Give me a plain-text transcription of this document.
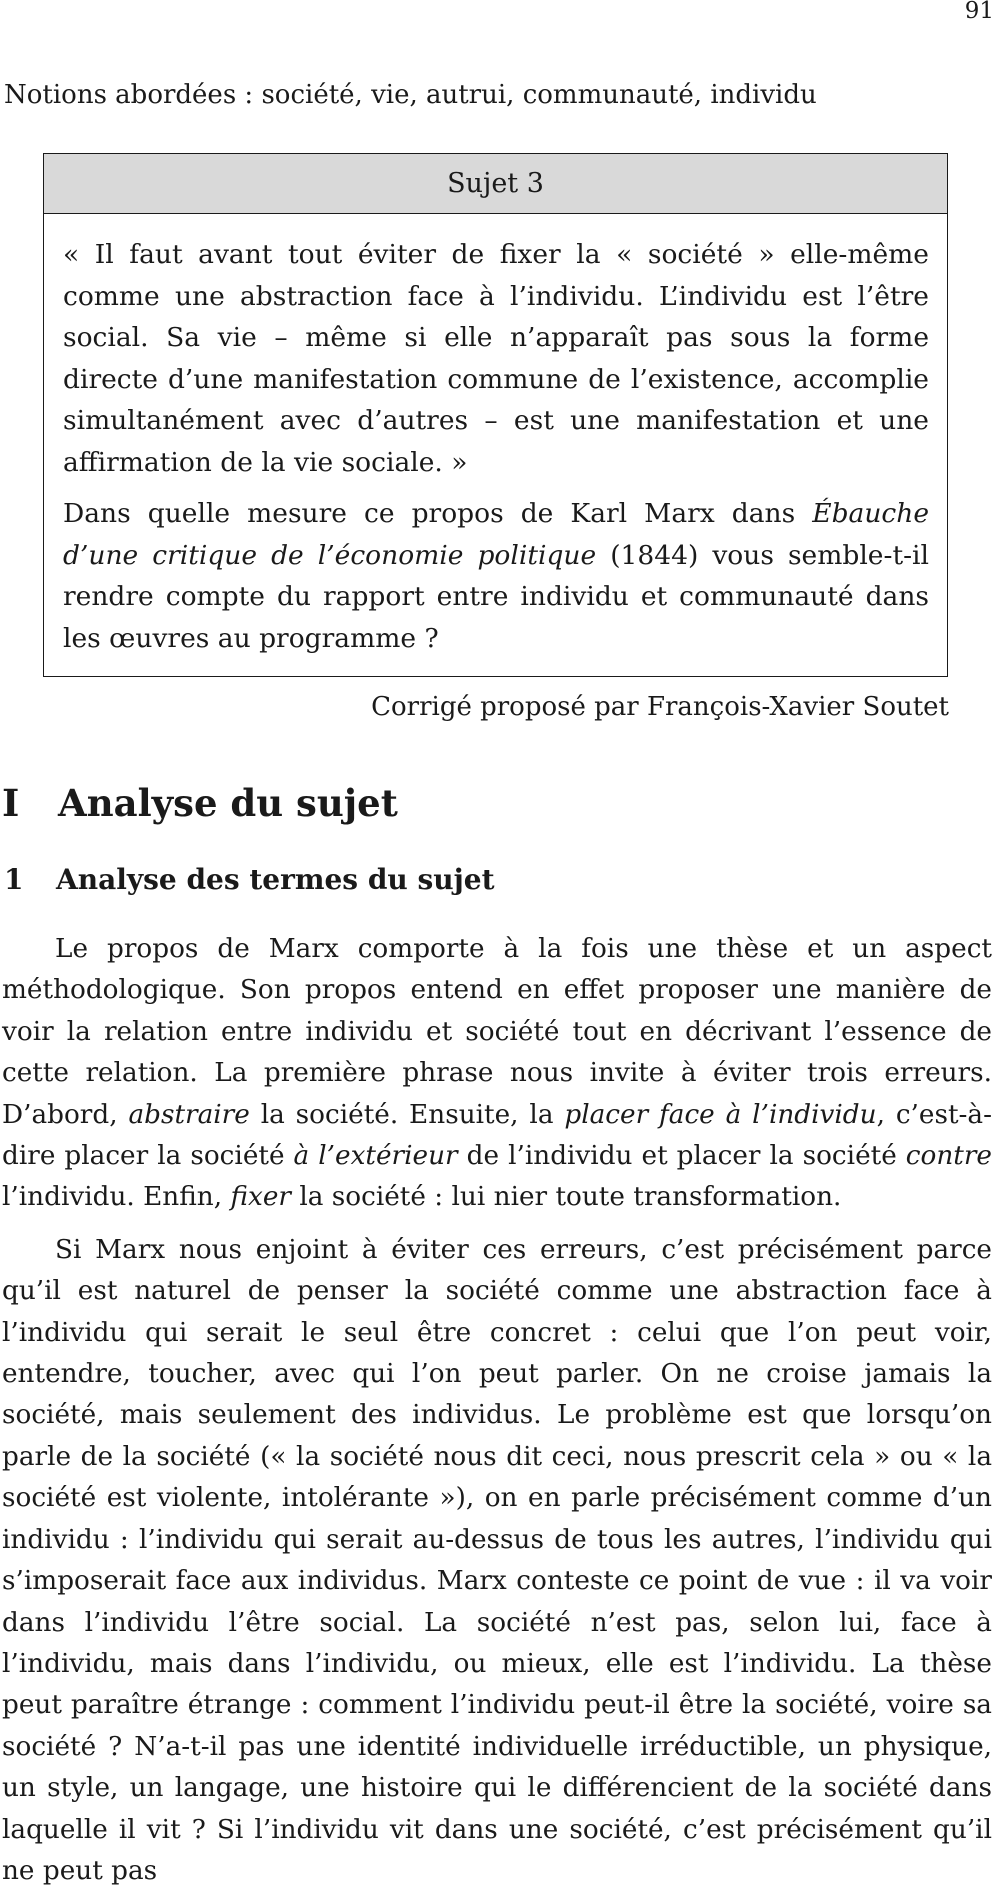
91
Notions abordées : société, vie, autrui, communauté, individu
Sujet 3

« Il faut avant tout éviter de fixer la « société » elle-même comme une abstraction face à l’individu. L’individu est l’être social. Sa vie – même si elle n’apparaît pas sous la forme directe d’une manifestation commune de l’existence, accomplie simultanément avec d’autres – est une manifestation et une affirmation de la vie sociale. »

Dans quelle mesure ce propos de Karl Marx dans Ébauche d’une critique de l’économie politique (1844) vous semble-t-il rendre compte du rapport entre individu et communauté dans les œuvres au programme ?

Corrigé proposé par François-Xavier Soutet
I Analyse du sujet
1 Analyse des termes du sujet

Le propos de Marx comporte à la fois une thèse et un aspect méthodologique. Son propos entend en effet proposer une manière de voir la relation entre individu et société tout en décrivant l’essence de cette relation. La première phrase nous invite à éviter trois erreurs. D’abord, abstraire la société. Ensuite, la placer face à l’individu, c’est-à-dire placer la société à l’extérieur de l’individu et placer la société contre l’individu. Enfin, fixer la société : lui nier toute transformation.

Si Marx nous enjoint à éviter ces erreurs, c’est précisément parce qu’il est naturel de penser la société comme une abstraction face à l’individu qui serait le seul être concret : celui que l’on peut voir, entendre, toucher, avec qui l’on peut parler. On ne croise jamais la société, mais seulement des individus. Le problème est que lorsqu’on parle de la société (« la société nous dit ceci, nous prescrit cela » ou « la société est violente, intolérante »), on en parle précisément comme d’un individu : l’individu qui serait au-dessus de tous les autres, l’individu qui s’imposerait face aux individus. Marx conteste ce point de vue : il va voir dans l’individu l’être social. La société n’est pas, selon lui, face à l’individu, mais dans l’individu, ou mieux, elle est l’individu. La thèse peut paraître étrange : comment l’individu peut-il être la société, voire sa société ? N’a-t-il pas une identité individuelle irréductible, un physique, un style, un langage, une histoire qui le différencient de la société dans laquelle il vit ? Si l’individu vit dans une société, c’est précisément qu’il ne peut pas
